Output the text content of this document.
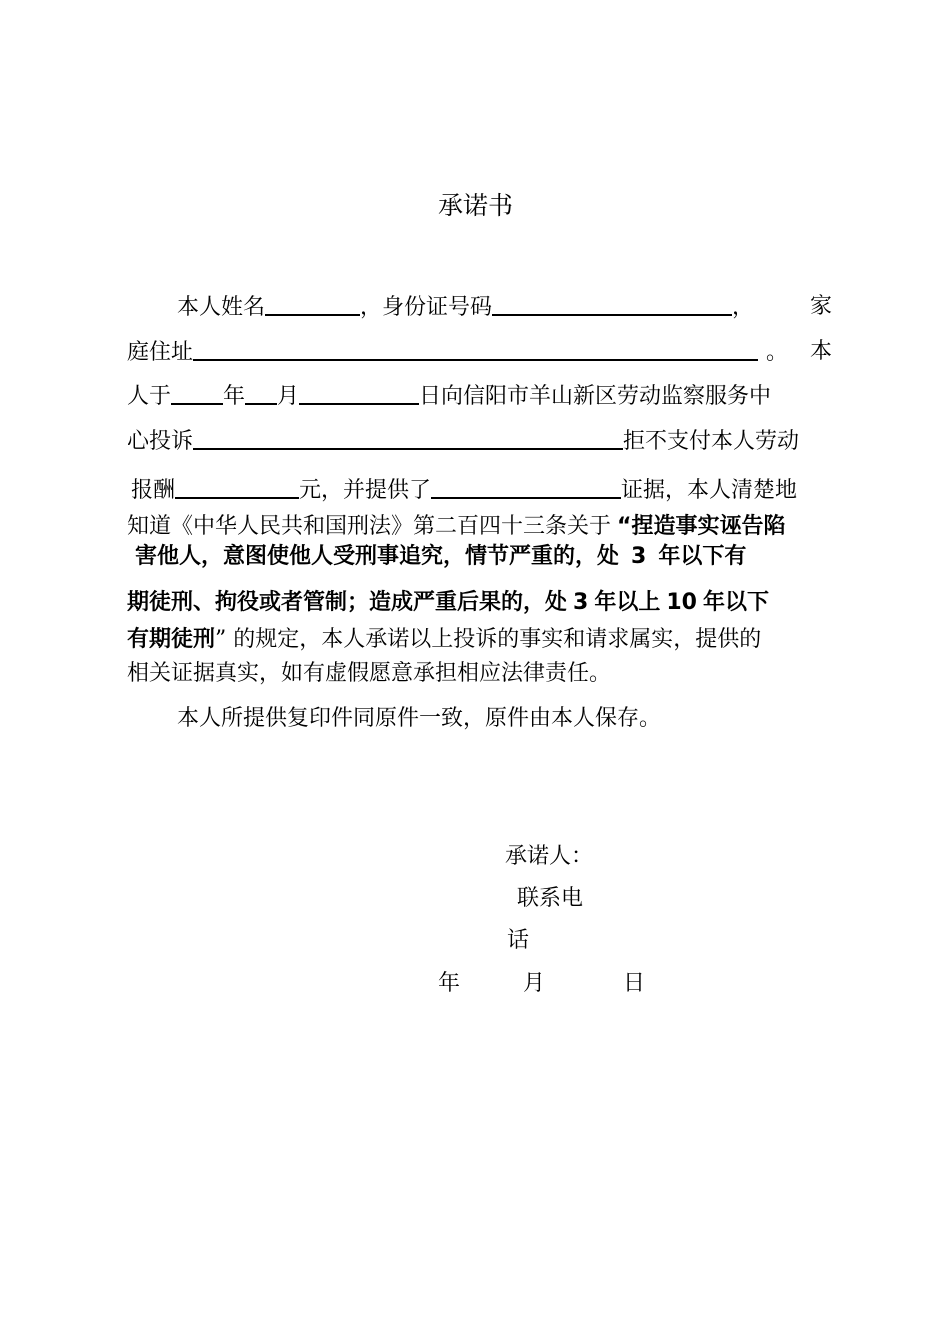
承诺书
本人姓名	，身份证号码	，	家
庭住址	。 本
人于 年 月	日向信阳市羊山新区劳动监察服务中
心投诉	拒不支付本人劳动
报酬	元，并提供了	证据，本人清楚地
知道《中华人民共和国刑法》第二百四十三条关于 “捏造事实诬告陷
害他人，意图使他人受刑事追究，情节严重的，处 3 年以下有
期徒刑、拘役或者管制；造成严重后果的，处 3 年以上 10 年以下
有期徒刑” 的规定，本人承诺以上投诉的事实和请求属实，提供的
相关证据真实，如有虚假愿意承担相应法律责任。
本人所提供复印件同原件一致，原件由本人保存。
承诺人：
联系电
话
年	月	日
